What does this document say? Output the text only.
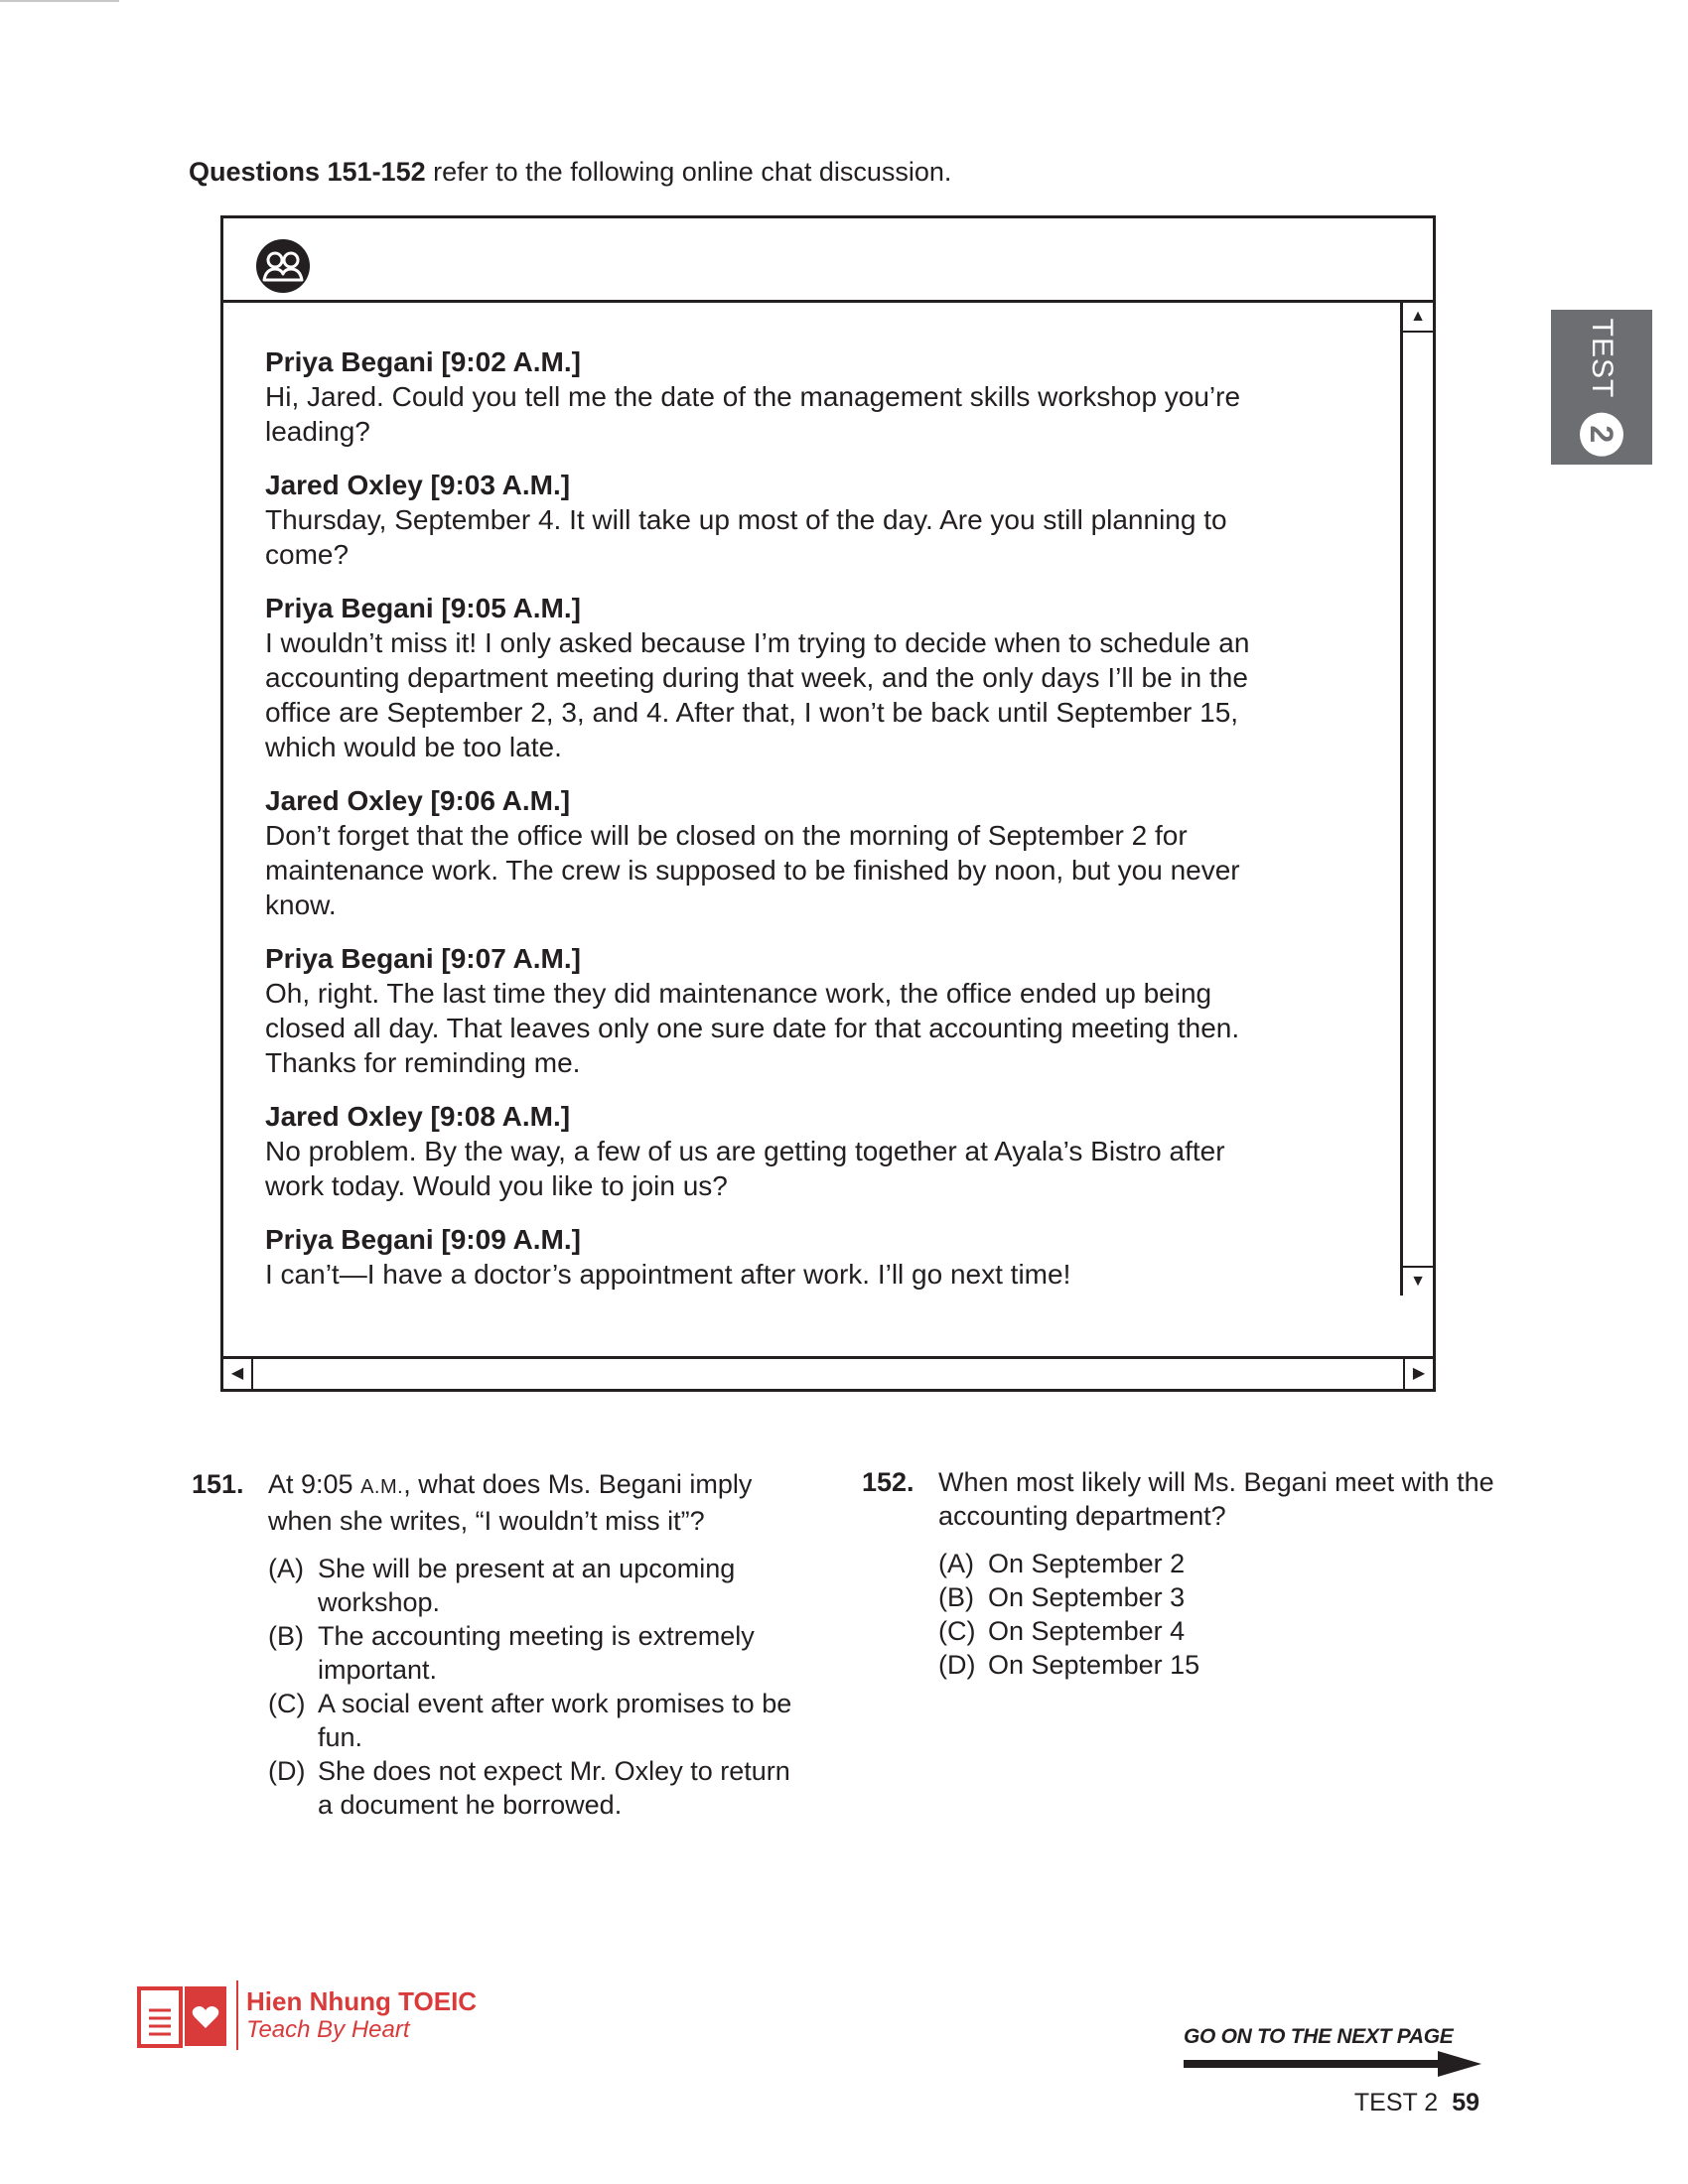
Questions 151-152 refer to the following online chat discussion.
▲
▼
◀	▶
Priya Begani [9:02 A.M.]
Hi, Jared. Could you tell me the date of the management skills workshop you’re
leading?
Jared Oxley [9:03 A.M.]
Thursday, September 4. It will take up most of the day. Are you still planning to
come?
Priya Begani [9:05 A.M.]
I wouldn’t miss it! I only asked because I’m trying to decide when to schedule an
accounting department meeting during that week, and the only days I’ll be in the
office are September 2, 3, and 4. After that, I won’t be back until September 15,
which would be too late.
Jared Oxley [9:06 A.M.]
Don’t forget that the office will be closed on the morning of September 2 for
maintenance work. The crew is supposed to be finished by noon, but you never
know.
Priya Begani [9:07 A.M.]
Oh, right. The last time they did maintenance work, the office ended up being
closed all day. That leaves only one sure date for that accounting meeting then.
Thanks for reminding me.
Jared Oxley [9:08 A.M.]
No problem. By the way, a few of us are getting together at Ayala’s Bistro after
work today. Would you like to join us?
Priya Begani [9:09 A.M.]
I can’t—I have a doctor’s appointment after work. I’ll go next time!
151. At 9:05 A.M., what does Ms. Begani imply when she writes, “I wouldn’t miss it”?
(A) She will be present at an upcoming workshop.
(B) The accounting meeting is extremely important.
(C) A social event after work promises to be fun.
(D) She does not expect Mr. Oxley to return a document he borrowed.
152. When most likely will Ms. Begani meet with the accounting department?
(A) On September 2
(B) On September 3
(C) On September 4
(D) On September 15
TEST
2
Hien Nhung TOEIC
Teach By Heart	GO ON TO THE NEXT PAGE
TEST 2 59
